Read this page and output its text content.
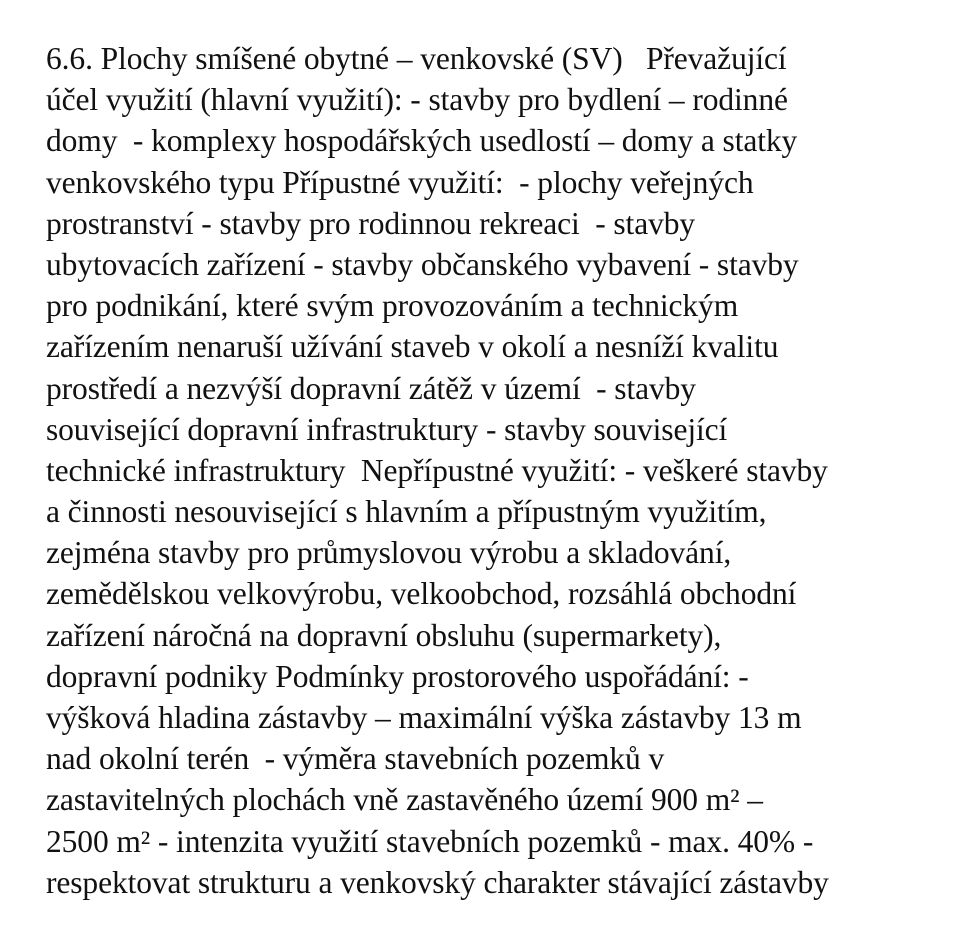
6.6. Plochy smíšené obytné – venkovské (SV)   Převažující
účel využití (hlavní využití): - stavby pro bydlení – rodinné
domy  - komplexy hospodářských usedlostí – domy a statky
venkovského typu Přípustné využití:  - plochy veřejných
prostranství - stavby pro rodinnou rekreaci  - stavby
ubytovacích zařízení - stavby občanského vybavení - stavby
pro podnikání, které svým provozováním a technickým
zařízením nenaruší užívání staveb v okolí a nesníží kvalitu
prostředí a nezvýší dopravní zátěž v území  - stavby
související dopravní infrastruktury - stavby související
technické infrastruktury  Nepřípustné využití: - veškeré stavby
a činnosti nesouvisející s hlavním a přípustným využitím,
zejména stavby pro průmyslovou výrobu a skladování,
zemědělskou velkovýrobu, velkoobchod, rozsáhlá obchodní
zařízení náročná na dopravní obsluhu (supermarkety),
dopravní podniky Podmínky prostorového uspořádání: -
výšková hladina zástavby – maximální výška zástavby 13 m
nad okolní terén  - výměra stavebních pozemků v
zastavitelných plochách vně zastavěného území 900 m² –
2500 m² - intenzita využití stavebních pozemků - max. 40% -
respektovat strukturu a venkovský charakter stávající zástavby
